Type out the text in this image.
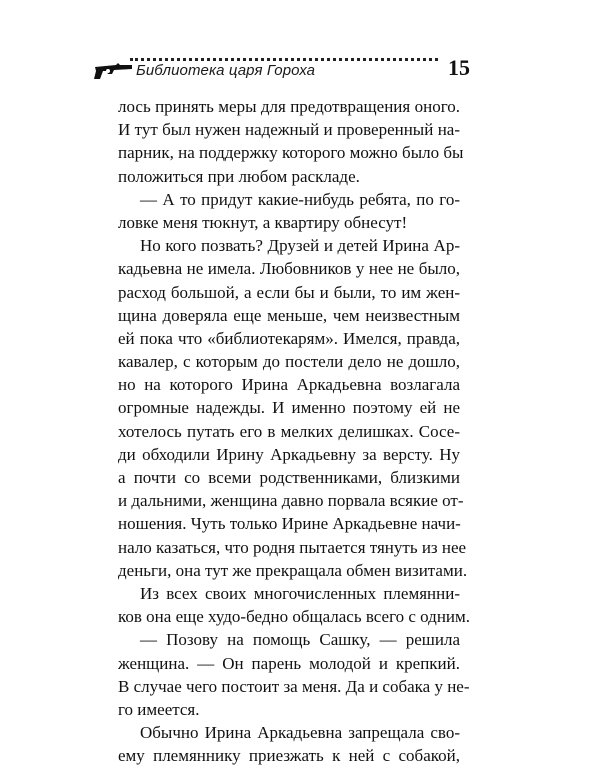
Библиотека царя Гороха	15
лось принять меры для предотвращения оного.
И тут был нужен надежный и проверенный на-
парник, на поддержку которого можно было бы
положиться при любом раскладе.
— А то придут какие-нибудь ребята, по го-
ловке меня тюкнут, а квартиру обнесут!
Но кого позвать? Друзей и детей Ирина Ар-
кадьевна не имела. Любовников у нее не было,
расход большой, а если бы и были, то им жен-
щина доверяла еще меньше, чем неизвестным
ей пока что «библиотекарям». Имелся, правда,
кавалер, с которым до постели дело не дошло,
но на которого Ирина Аркадьевна возлагала
огромные надежды. И именно поэтому ей не
хотелось путать его в мелких делишках. Сосе-
ди обходили Ирину Аркадьевну за версту. Ну
а почти со всеми родственниками, близкими
и дальними, женщина давно порвала всякие от-
ношения. Чуть только Ирине Аркадьевне начи-
нало казаться, что родня пытается тянуть из нее
деньги, она тут же прекращала обмен визитами.
Из всех своих многочисленных племянни-
ков она еще худо-бедно общалась всего с одним.
— Позову на помощь Сашку, — решила
женщина. — Он парень молодой и крепкий.
В случае чего постоит за меня. Да и собака у не-
го имеется.
Обычно Ирина Аркадьевна запрещала сво-
ему племяннику приезжать к ней с собакой,
